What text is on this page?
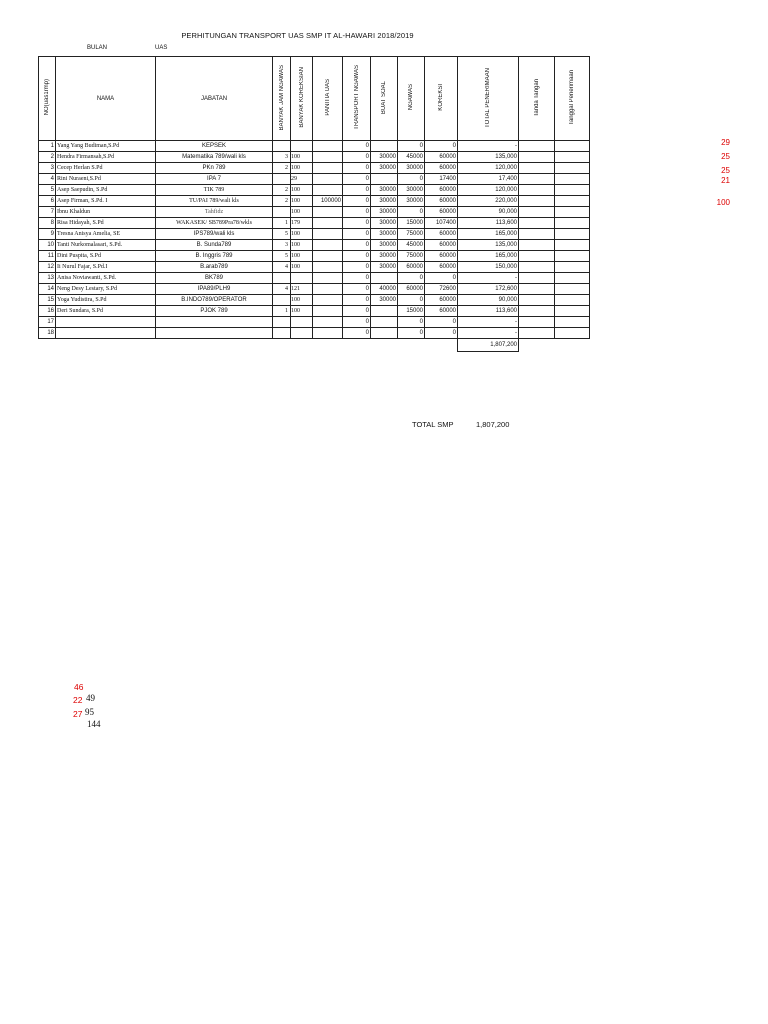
PERHITUNGAN TRANSPORT UAS SMP IT AL-HAWARI 2018/2019
BULAN	UAS
NO(uas1rmp)	NAMA	JABATAN	BANYAK JAM NGAWAS	BANYAK KOREKSIAN	PANITIA UAS	TRANSPORT NGAWAS	BUAT SOAL	NGAWAS	KOREKSI	TOTAL PENERIMAAN	Tanda Tangan	Tanggal Penerimaan
1	Yang Yang Budiman,S.Pd	KEPSEK				0		0	0	-		
2	Hendra Firmansah,S.Pd	Matematika 789/wali kls	3	100		0	30000	45000	60000	135,000		
3	Cecep Herlan S.Pd	PKn 789	2	100		0	30000	30000	60000	120,000		
4	Rini Nuraeni,S.Pd	IPA 7		29		0		0	17400	17,400		
5	Asep Saepudin, S.Pd	TIK 789	2	100		0	30000	30000	60000	120,000		
6	Asep Firman, S.Pd. I	TU/PAI 789/wali kls	2	100	100000	0	30000	30000	60000	220,000		
7	Ibnu Khaldun	Tahfidz		100		0	30000	0	60000	90,000		
8	Risa Hidayah, S.Pd	WAKASEK/ SB789Pra78/wkls	1	179		0	30000	15000	107400	113,600		
9	Tresna Anisya Amelia, SE	IPS789/wali kls	5	100		0	30000	75000	60000	165,000		
10	Tanti Nurkomalasari, S.Pd.	B. Sunda789	3	100		0	30000	45000	60000	135,000		
11	Dini Puspita, S.Pd	B. Inggris 789	5	100		0	30000	75000	60000	165,000		
12	Ii Nurul Fajar, S.Pd.I	B.arab789	4	100		0	30000	60000	60000	150,000		
13	Anisa Noviawanti, S.Pd.	BK789				0		0	0	-		
14	Neng Desy Lestary, S.Pd	IPA89/PLH9	4	121		0	40000	60000	72600	172,600		
15	Yoga Yudistira, S.Pd	B.INDO789/OPERATOR		100		0	30000	0	60000	90,000		
16	Deri Sundara, S.Pd	PJOK 789	1	100		0		15000	60000	113,600		
17						0		0	0	-		
18						0		0	0	-		
										1,807,200		
TOTAL SMP	1,807,200
29
25
25
21
100
46
22 49
27 95
144
